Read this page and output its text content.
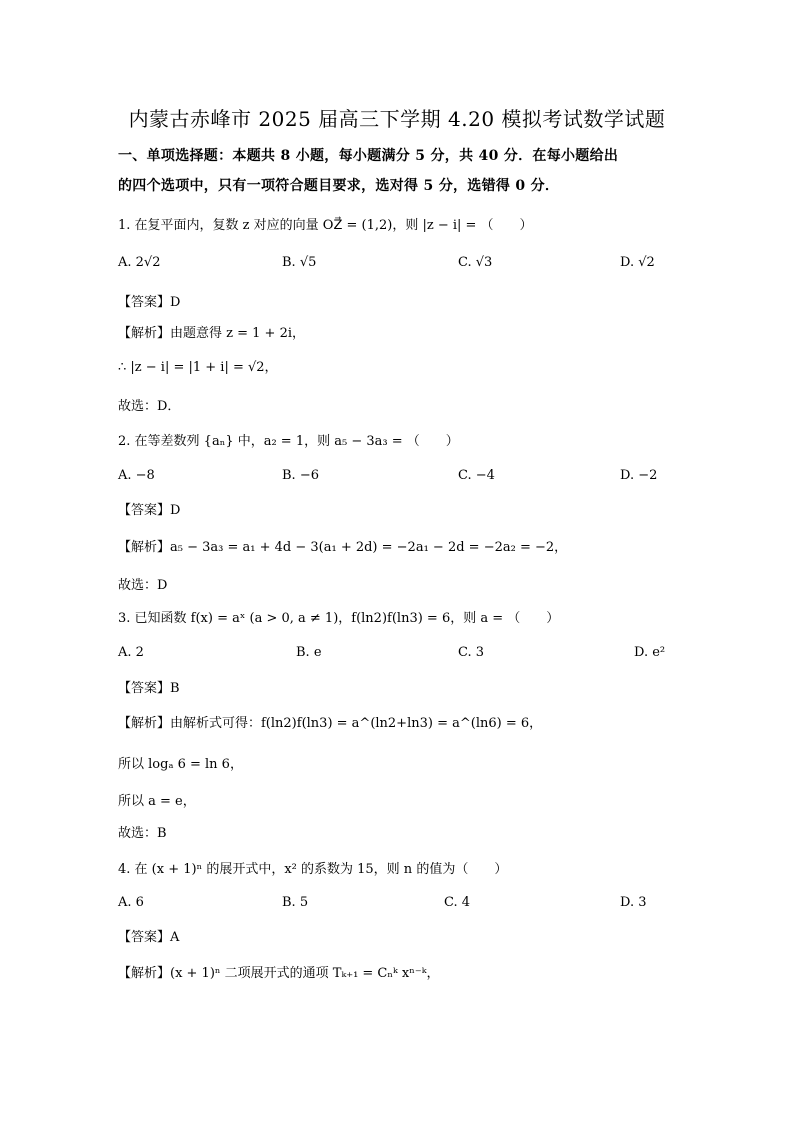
内蒙古赤峰市 2025 届高三下学期 4.20 模拟考试数学试题
一、单项选择题：本题共 8 小题，每小题满分 5 分，共 40 分．在每小题给出
的四个选项中，只有一项符合题目要求，选对得 5 分，选错得 0 分．
1. 在复平面内，复数 z 对应的向量 OZ⃗ = (1,2)，则 |z − i| = （　　）
A. 2√2	B. √5	C. √3	D. √2
【答案】D
【解析】由题意得 z = 1 + 2i，
∴ |z − i| = |1 + i| = √2，
故选：D．
2. 在等差数列 {aₙ} 中，a₂ = 1，则 a₅ − 3a₃ = （　　）
A. −8	B. −6	C. −4	D. −2
【答案】D
【解析】a₅ − 3a₃ = a₁ + 4d − 3(a₁ + 2d) = −2a₁ − 2d = −2a₂ = −2，
故选：D
3. 已知函数 f(x) = aˣ (a > 0, a ≠ 1)，f(ln2)f(ln3) = 6，则 a = （　　）
A. 2	B. e	C. 3	D. e²
【答案】B
【解析】由解析式可得：f(ln2)f(ln3) = a^(ln2+ln3) = a^(ln6) = 6，
所以 logₐ 6 = ln 6，
所以 a = e，
故选：B
4. 在 (x + 1)ⁿ 的展开式中，x² 的系数为 15，则 n 的值为（　　）
A. 6	B. 5	C. 4	D. 3
【答案】A
【解析】(x + 1)ⁿ 二项展开式的通项 Tₖ₊₁ = Cₙᵏ xⁿ⁻ᵏ，
